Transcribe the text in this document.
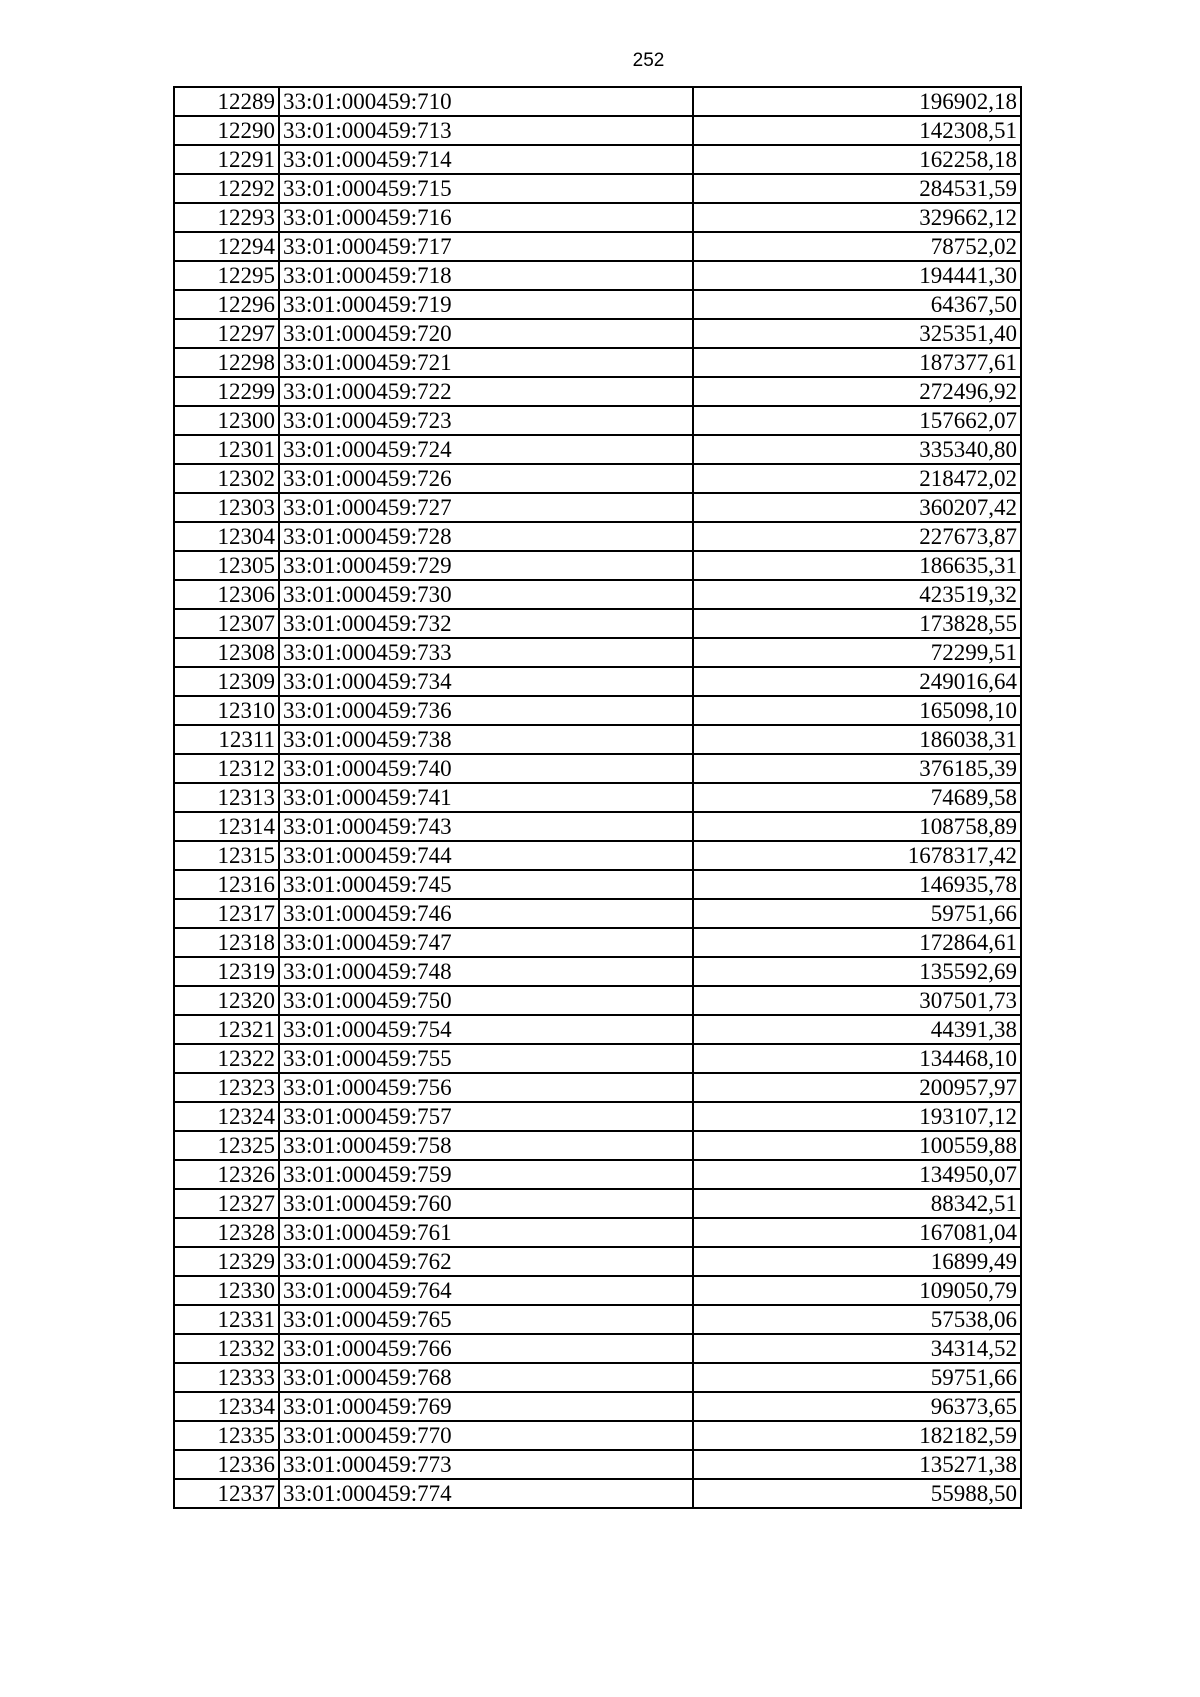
252
12289	33:01:000459:710	196902,18
12290	33:01:000459:713	142308,51
12291	33:01:000459:714	162258,18
12292	33:01:000459:715	284531,59
12293	33:01:000459:716	329662,12
12294	33:01:000459:717	78752,02
12295	33:01:000459:718	194441,30
12296	33:01:000459:719	64367,50
12297	33:01:000459:720	325351,40
12298	33:01:000459:721	187377,61
12299	33:01:000459:722	272496,92
12300	33:01:000459:723	157662,07
12301	33:01:000459:724	335340,80
12302	33:01:000459:726	218472,02
12303	33:01:000459:727	360207,42
12304	33:01:000459:728	227673,87
12305	33:01:000459:729	186635,31
12306	33:01:000459:730	423519,32
12307	33:01:000459:732	173828,55
12308	33:01:000459:733	72299,51
12309	33:01:000459:734	249016,64
12310	33:01:000459:736	165098,10
12311	33:01:000459:738	186038,31
12312	33:01:000459:740	376185,39
12313	33:01:000459:741	74689,58
12314	33:01:000459:743	108758,89
12315	33:01:000459:744	1678317,42
12316	33:01:000459:745	146935,78
12317	33:01:000459:746	59751,66
12318	33:01:000459:747	172864,61
12319	33:01:000459:748	135592,69
12320	33:01:000459:750	307501,73
12321	33:01:000459:754	44391,38
12322	33:01:000459:755	134468,10
12323	33:01:000459:756	200957,97
12324	33:01:000459:757	193107,12
12325	33:01:000459:758	100559,88
12326	33:01:000459:759	134950,07
12327	33:01:000459:760	88342,51
12328	33:01:000459:761	167081,04
12329	33:01:000459:762	16899,49
12330	33:01:000459:764	109050,79
12331	33:01:000459:765	57538,06
12332	33:01:000459:766	34314,52
12333	33:01:000459:768	59751,66
12334	33:01:000459:769	96373,65
12335	33:01:000459:770	182182,59
12336	33:01:000459:773	135271,38
12337	33:01:000459:774	55988,50
